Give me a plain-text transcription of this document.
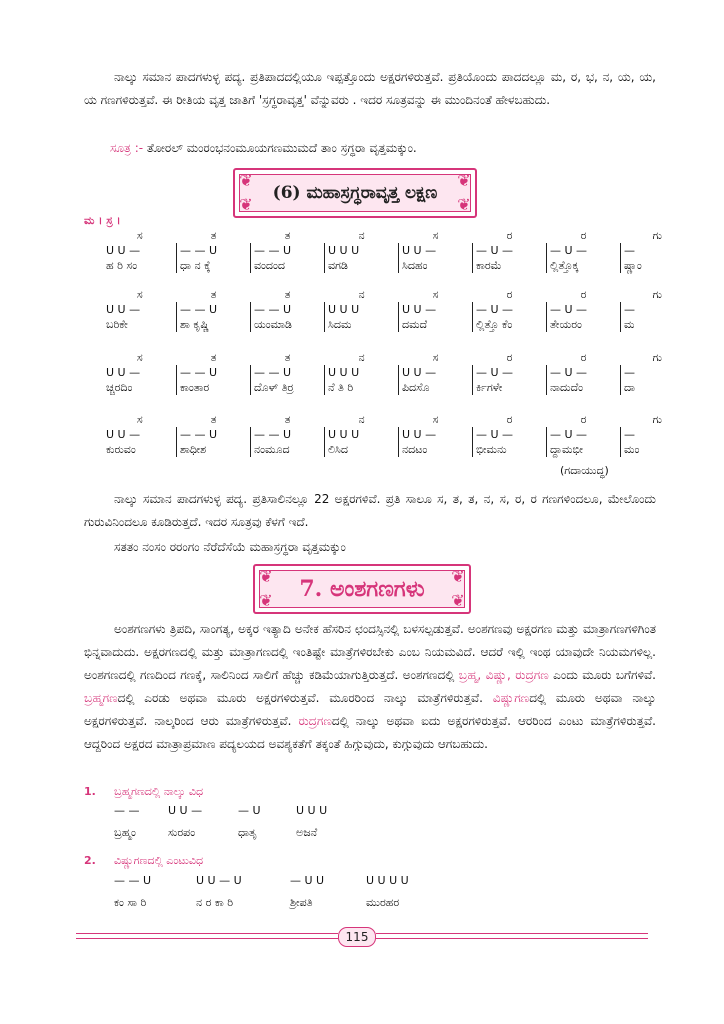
ನಾಲ್ಕು ಸಮಾನ ಪಾದಗಳುಳ್ಳ ಪದ್ಯ. ಪ್ರತಿಪಾದದಲ್ಲಿಯೂ ಇಪ್ಪತ್ತೊಂದು ಅಕ್ಷರಗಳಿರುತ್ತವೆ. ಪ್ರತಿಯೊಂದು ಪಾದದಲ್ಲೂ ಮ, ರ, ಭ, ನ, ಯ, ಯ, ಯ ಗಣಗಳಿರುತ್ತವೆ. ಈ ರೀತಿಯ ವೃತ್ತ ಜಾತಿಗೆ 'ಸ್ರಗ್ಧರಾವೃತ್ತ' ವೆನ್ನುವರು . ಇದರ ಸೂತ್ರವನ್ನು ಈ ಮುಂದಿನಂತೆ ಹೇಳಬಹುದು.
ಸೂತ್ರ :- ತೋರಲ್ ಮಂರಂಭನಂಮೂಯಗಣಮುಮದೆ ತಾಂ ಸ್ರಗ್ಧರಾ ವೃತ್ತಮಕ್ಕುಂ.
(6) ಮಹಾಸ್ರಗ್ಧರಾವೃತ್ತ ಲಕ್ಷಣ
❦	❦
❦	❦
ಮ । ಸ್ರ ।
ಸ	ತ	ತ	ನ	ಸ	ರ	ರ	ಗು
U U —	— — U	— — U	U U U	U U —	— U —	— U —	—
ಹ ರಿ ಸಂ	ಧಾ ನ ಕ್ಕೆ	ವಂದಂದ	ವಗಡಿ	ಸಿದಹಂ	ಕಾರಮೆ	ಲ್ಲಿತ್ತೊಕ್ಕ	ಷ್ಣಾಂ
ಸ	ತ	ತ	ನ	ಸ	ರ	ರ	ಗು
U U —	— — U	— — U	U U U	U U —	— U —	— U —	—
ಬರಿಕೇ	ಶಾ ಕೃಷ್ಣಿ	ಯಂಮಾಡಿ	ಸಿದಮ	ದಮದೆ	ಲ್ಲಿತ್ತೊ ಕೆಂ	ತೇಯರಂ	ಮ
ಸ	ತ	ತ	ನ	ಸ	ರ	ರ	ಗು
U U —	— — U	— — U	U U U	U U —	— U —	— U —	—
ಚ್ಚರದಿಂ	ಕಾಂತಾರ	ದೊಳ್ ತಿರ್ರ	ನೆ ತಿ ರಿ	ಪಿದಸೊ	ರ್ಕಿಗಳೇ	ನಾದುದೆಂ	ದಾ
ಸ	ತ	ತ	ನ	ಸ	ರ	ರ	ಗು
U U —	— — U	— — U	U U U	U U —	— U —	— U —	—
ಕುರುವಂ	ಶಾಧೀಶ	ನಂಮೂದ	ಲಿಸಿದ	ನದಟಂ	ಭೀಮನು	ದ್ದಾಮಭೀ	ಮಂ
(ಗದಾಯುದ್ಧ)
ನಾಲ್ಕು ಸಮಾನ ಪಾದಗಳುಳ್ಳ ಪದ್ಯ. ಪ್ರತಿಸಾಲಿನಲ್ಲೂ 22 ಅಕ್ಷರಗಳಿವೆ. ಪ್ರತಿ ಸಾಲೂ ಸ, ತ, ತ, ನ, ಸ, ರ, ರ ಗಣಗಳಿಂದಲೂ, ಮೇಲೊಂದು ಗುರುವಿನಿಂದಲೂ ಕೂಡಿರುತ್ತದೆ. ಇದರ ಸೂತ್ರವು ಕೆಳಗೆ ಇದೆ.
ಸತತಂ ನಂಸಂ ರರಂಗಂ ನೆರೆದೆಸೆಯೆ ಮಹಾಸ್ರಗ್ಧರಾ ವೃತ್ತಮಕ್ಕುಂ
7. ಅಂಶಗಣಗಳು
❦	❦
❦	❦
ಅಂಶಗಣಗಳು ತ್ರಿಪದಿ, ಸಾಂಗತ್ಯ, ಅಕ್ಕರ ಇತ್ಯಾದಿ ಅನೇಕ ಹೆಸರಿನ ಛಂದಸ್ಸಿನಲ್ಲಿ ಬಳಸಲ್ಪಡುತ್ತವೆ. ಅಂಶಗಣವು ಅಕ್ಷರಗಣ ಮತ್ತು ಮಾತ್ರಾಗಣಗಳಿಗಿಂತ ಭಿನ್ನವಾದುದು. ಅಕ್ಷರಗಣದಲ್ಲಿ ಮತ್ತು ಮಾತ್ರಾಗಣದಲ್ಲಿ ಇಂತಿಷ್ಟೇ ಮಾತ್ರೆಗಳಿರಬೇಕು ಎಂಬ ನಿಯಮವಿದೆ. ಆದರೆ ಇಲ್ಲಿ ಇಂಥ ಯಾವುದೇ ನಿಯಮಗಳಿಲ್ಲ. ಅಂಶಗಣದಲ್ಲಿ ಗಣದಿಂದ ಗಣಕ್ಕೆ, ಸಾಲಿನಿಂದ ಸಾಲಿಗೆ ಹೆಚ್ಚು ಕಡಿಮೆಯಾಗುತ್ತಿರುತ್ತದೆ. ಅಂಶಗಣದಲ್ಲಿ ಬ್ರಹ್ಮ, ವಿಷ್ಣು, ರುದ್ರಗಣ ಎಂದು ಮೂರು ಬಗೆಗಳಿವೆ. ಬ್ರಹ್ಮಗಣದಲ್ಲಿ ಎರಡು ಅಥವಾ ಮೂರು ಅಕ್ಷರಗಳಿರುತ್ತವೆ. ಮೂರರಿಂದ ನಾಲ್ಕು ಮಾತ್ರೆಗಳಿರುತ್ತವೆ. ವಿಷ್ಣುಗಣದಲ್ಲಿ ಮೂರು ಅಥವಾ ನಾಲ್ಕು ಅಕ್ಷರಗಳಿರುತ್ತವೆ. ನಾಲ್ಕರಿಂದ ಆರು ಮಾತ್ರೆಗಳಿರುತ್ತವೆ. ರುದ್ರಗಣದಲ್ಲಿ ನಾಲ್ಕು ಅಥವಾ ಐದು ಅಕ್ಷರಗಳಿರುತ್ತವೆ. ಆರರಿಂದ ಎಂಟು ಮಾತ್ರೆಗಳಿರುತ್ತವೆ. ಆದ್ದರಿಂದ ಅಕ್ಷರದ ಮಾತ್ರಾಪ್ರಮಾಣ ಪದ್ಯಲಯದ ಅವಶ್ಯಕತೆಗೆ ತಕ್ಕಂತೆ ಹಿಗ್ಗುವುದು, ಕುಗ್ಗುವುದು ಆಗಬಹುದು.
1. ಬ್ರಹ್ಮಗಣದಲ್ಲಿ ನಾಲ್ಕು ವಿಧ
— —	U U —	— U	U U U
ಬ್ರಹ್ಮಂ	ಸುರಪಂ	ಧಾತೃ	ಅಜನೆ
2. ವಿಷ್ಣುಗಣದಲ್ಲಿ ಎಂಟುವಿಧ
— — U	U U — U	— U U	U U U U
ಕಂ ಸಾ ರಿ	ನ ರ ಕಾ ರಿ	ಶ್ರೀಪತಿ	ಮುರಹರ
115
